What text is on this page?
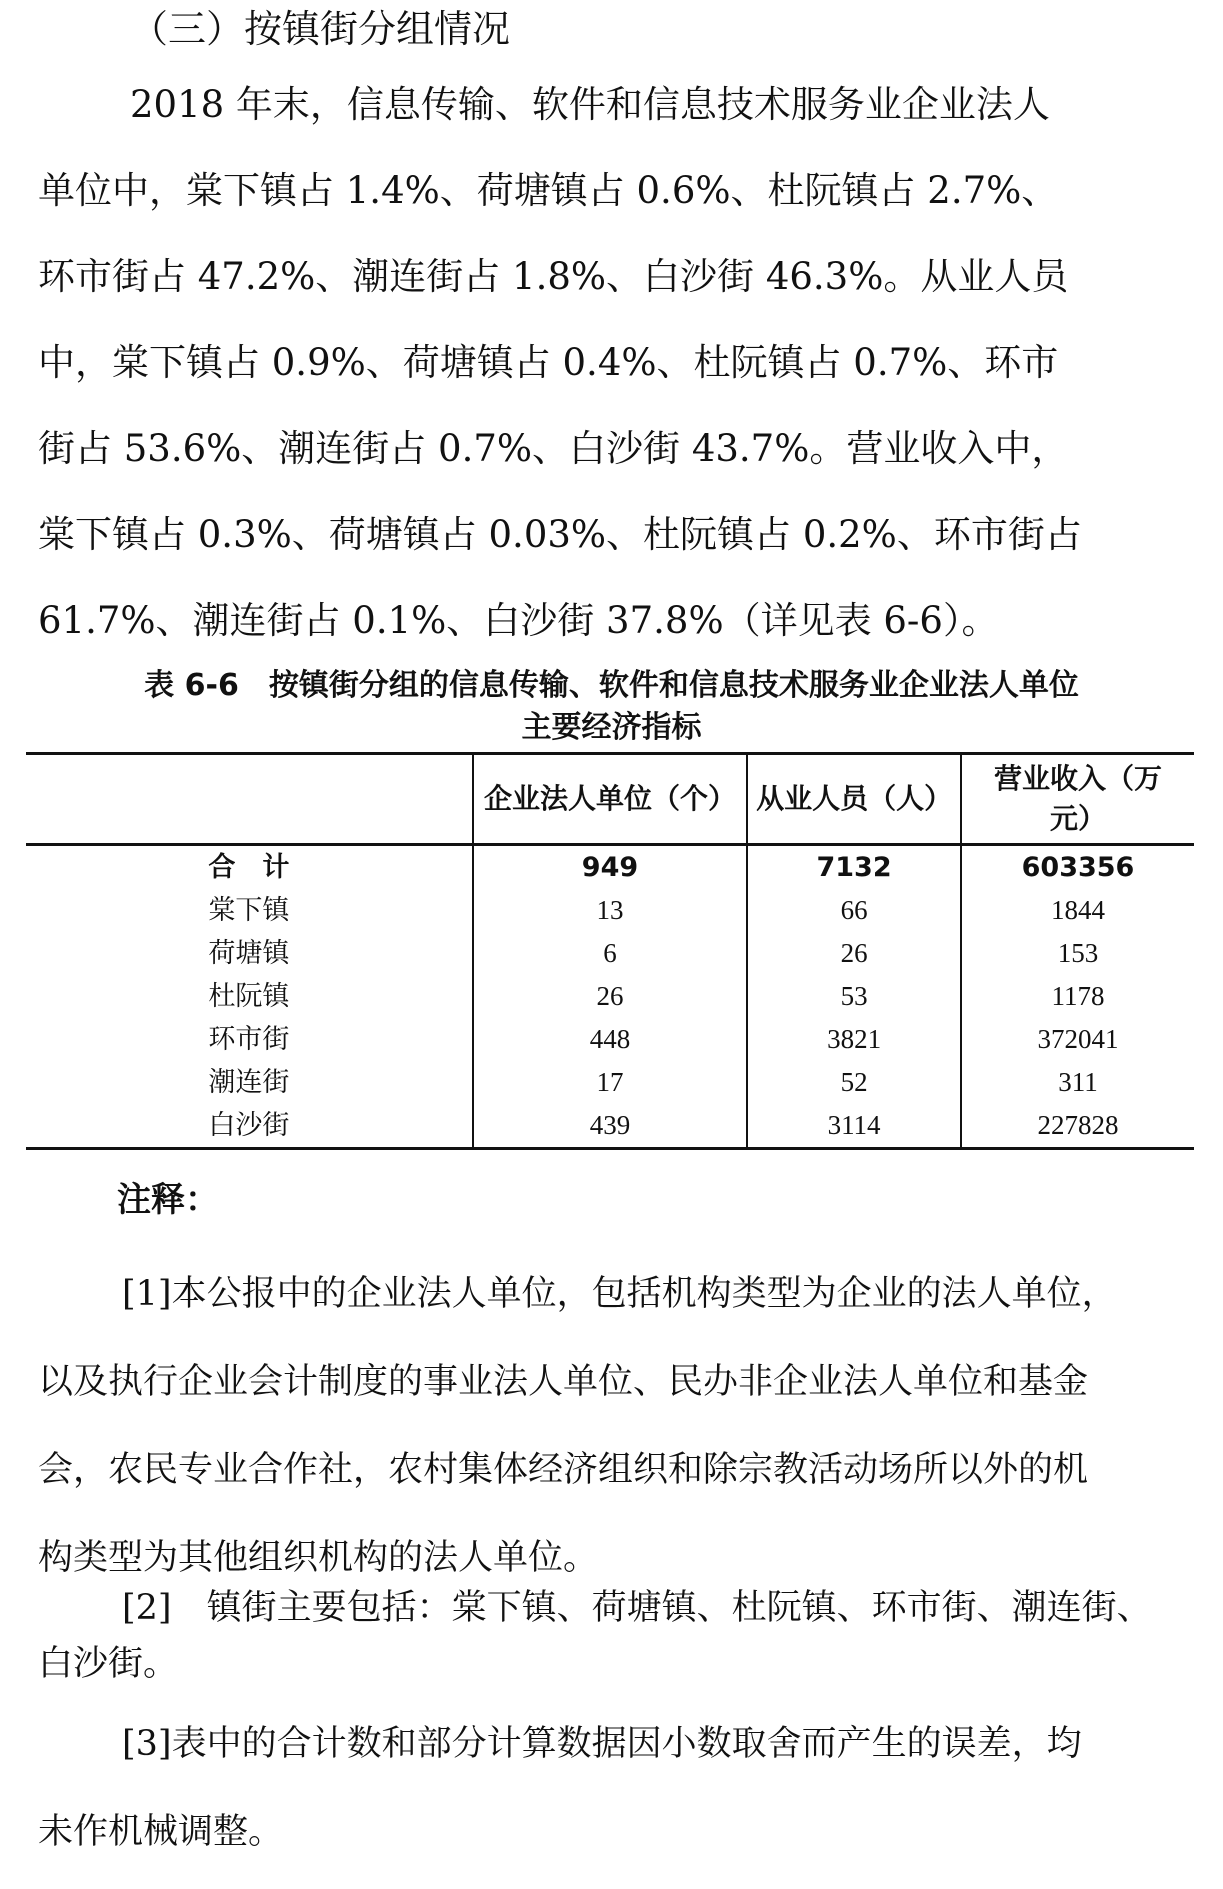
（三）按镇街分组情况

2018 年末，信息传输、软件和信息技术服务业企业法人
单位中，棠下镇占 1.4%、荷塘镇占 0.6%、杜阮镇占 2.7%、
环市街占 47.2%、潮连街占 1.8%、白沙街 46.3%。从业人员
中，棠下镇占 0.9%、荷塘镇占 0.4%、杜阮镇占 0.7%、环市
街占 53.6%、潮连街占 0.7%、白沙街 43.7%。营业收入中，
棠下镇占 0.3%、荷塘镇占 0.03%、杜阮镇占 0.2%、环市街占
61.7%、潮连街占 0.1%、白沙街 37.8%（详见表 6-6）。

表 6-6　按镇街分组的信息传输、软件和信息技术服务业企业法人单位
主要经济指标
	企业法人单位（个）	从业人员（人）	营业收入（万元）
合　计	949	7132	603356
棠下镇	13	66	1844
荷塘镇	6	26	153
杜阮镇	26	53	1178
环市街	448	3821	372041
潮连街	17	52	311
白沙街	439	3114	227828
注释：
[1]本公报中的企业法人单位，包括机构类型为企业的法人单位，
以及执行企业会计制度的事业法人单位、民办非企业法人单位和基金
会，农民专业合作社，农村集体经济组织和除宗教活动场所以外的机
构类型为其他组织机构的法人单位。
[2]　镇街主要包括：棠下镇、荷塘镇、杜阮镇、环市街、潮连街、
白沙街。
[3]表中的合计数和部分计算数据因小数取舍而产生的误差，均
未作机械调整。
